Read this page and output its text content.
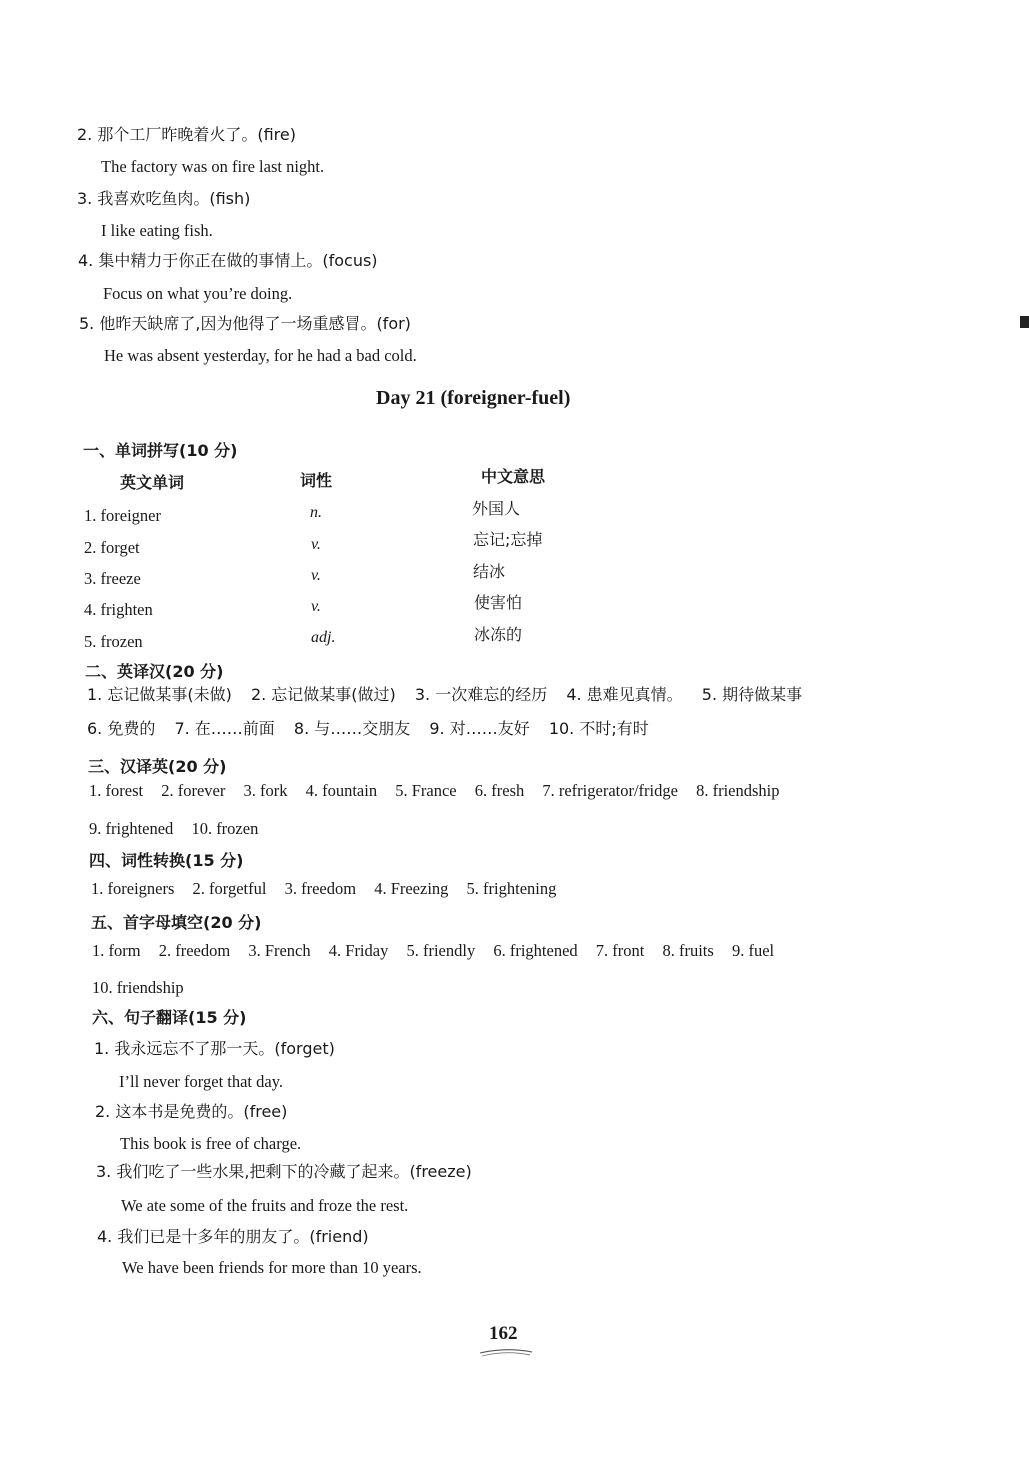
2. 那个工厂昨晚着火了。(fire)
The factory was on fire last night.
3. 我喜欢吃鱼肉。(fish)
I like eating fish.
4. 集中精力于你正在做的事情上。(focus)
Focus on what you’re doing.
5. 他昨天缺席了,因为他得了一场重感冒。(for)
He was absent yesterday, for he had a bad cold.
Day 21 (foreigner-fuel)
一、单词拼写(10 分)
英文单词	词性	中文意思
1. foreigner	n.	外国人
2. forget	v.	忘记;忘掉
3. freeze	v.	结冰
4. frighten	v.	使害怕
5. frozen	adj.	冰冻的
二、英译汉(20 分)
1. 忘记做某事(未做) 2. 忘记做某事(做过) 3. 一次难忘的经历 4. 患难见真情。 5. 期待做某事
6. 免费的 7. 在……前面 8. 与……交朋友 9. 对……友好 10. 不时;有时
三、汉译英(20 分)
1. forest 2. forever 3. fork 4. fountain 5. France 6. fresh 7. refrigerator/fridge 8. friendship
9. frightened 10. frozen
四、词性转换(15 分)
1. foreigners 2. forgetful 3. freedom 4. Freezing 5. frightening
五、首字母填空(20 分)
1. form 2. freedom 3. French 4. Friday 5. friendly 6. frightened 7. front 8. fruits 9. fuel
10. friendship
六、句子翻译(15 分)
1. 我永远忘不了那一天。(forget)
I’ll never forget that day.
2. 这本书是免费的。(free)
This book is free of charge.
3. 我们吃了一些水果,把剩下的冷藏了起来。(freeze)
We ate some of the fruits and froze the rest.
4. 我们已是十多年的朋友了。(friend)
We have been friends for more than 10 years.
162
